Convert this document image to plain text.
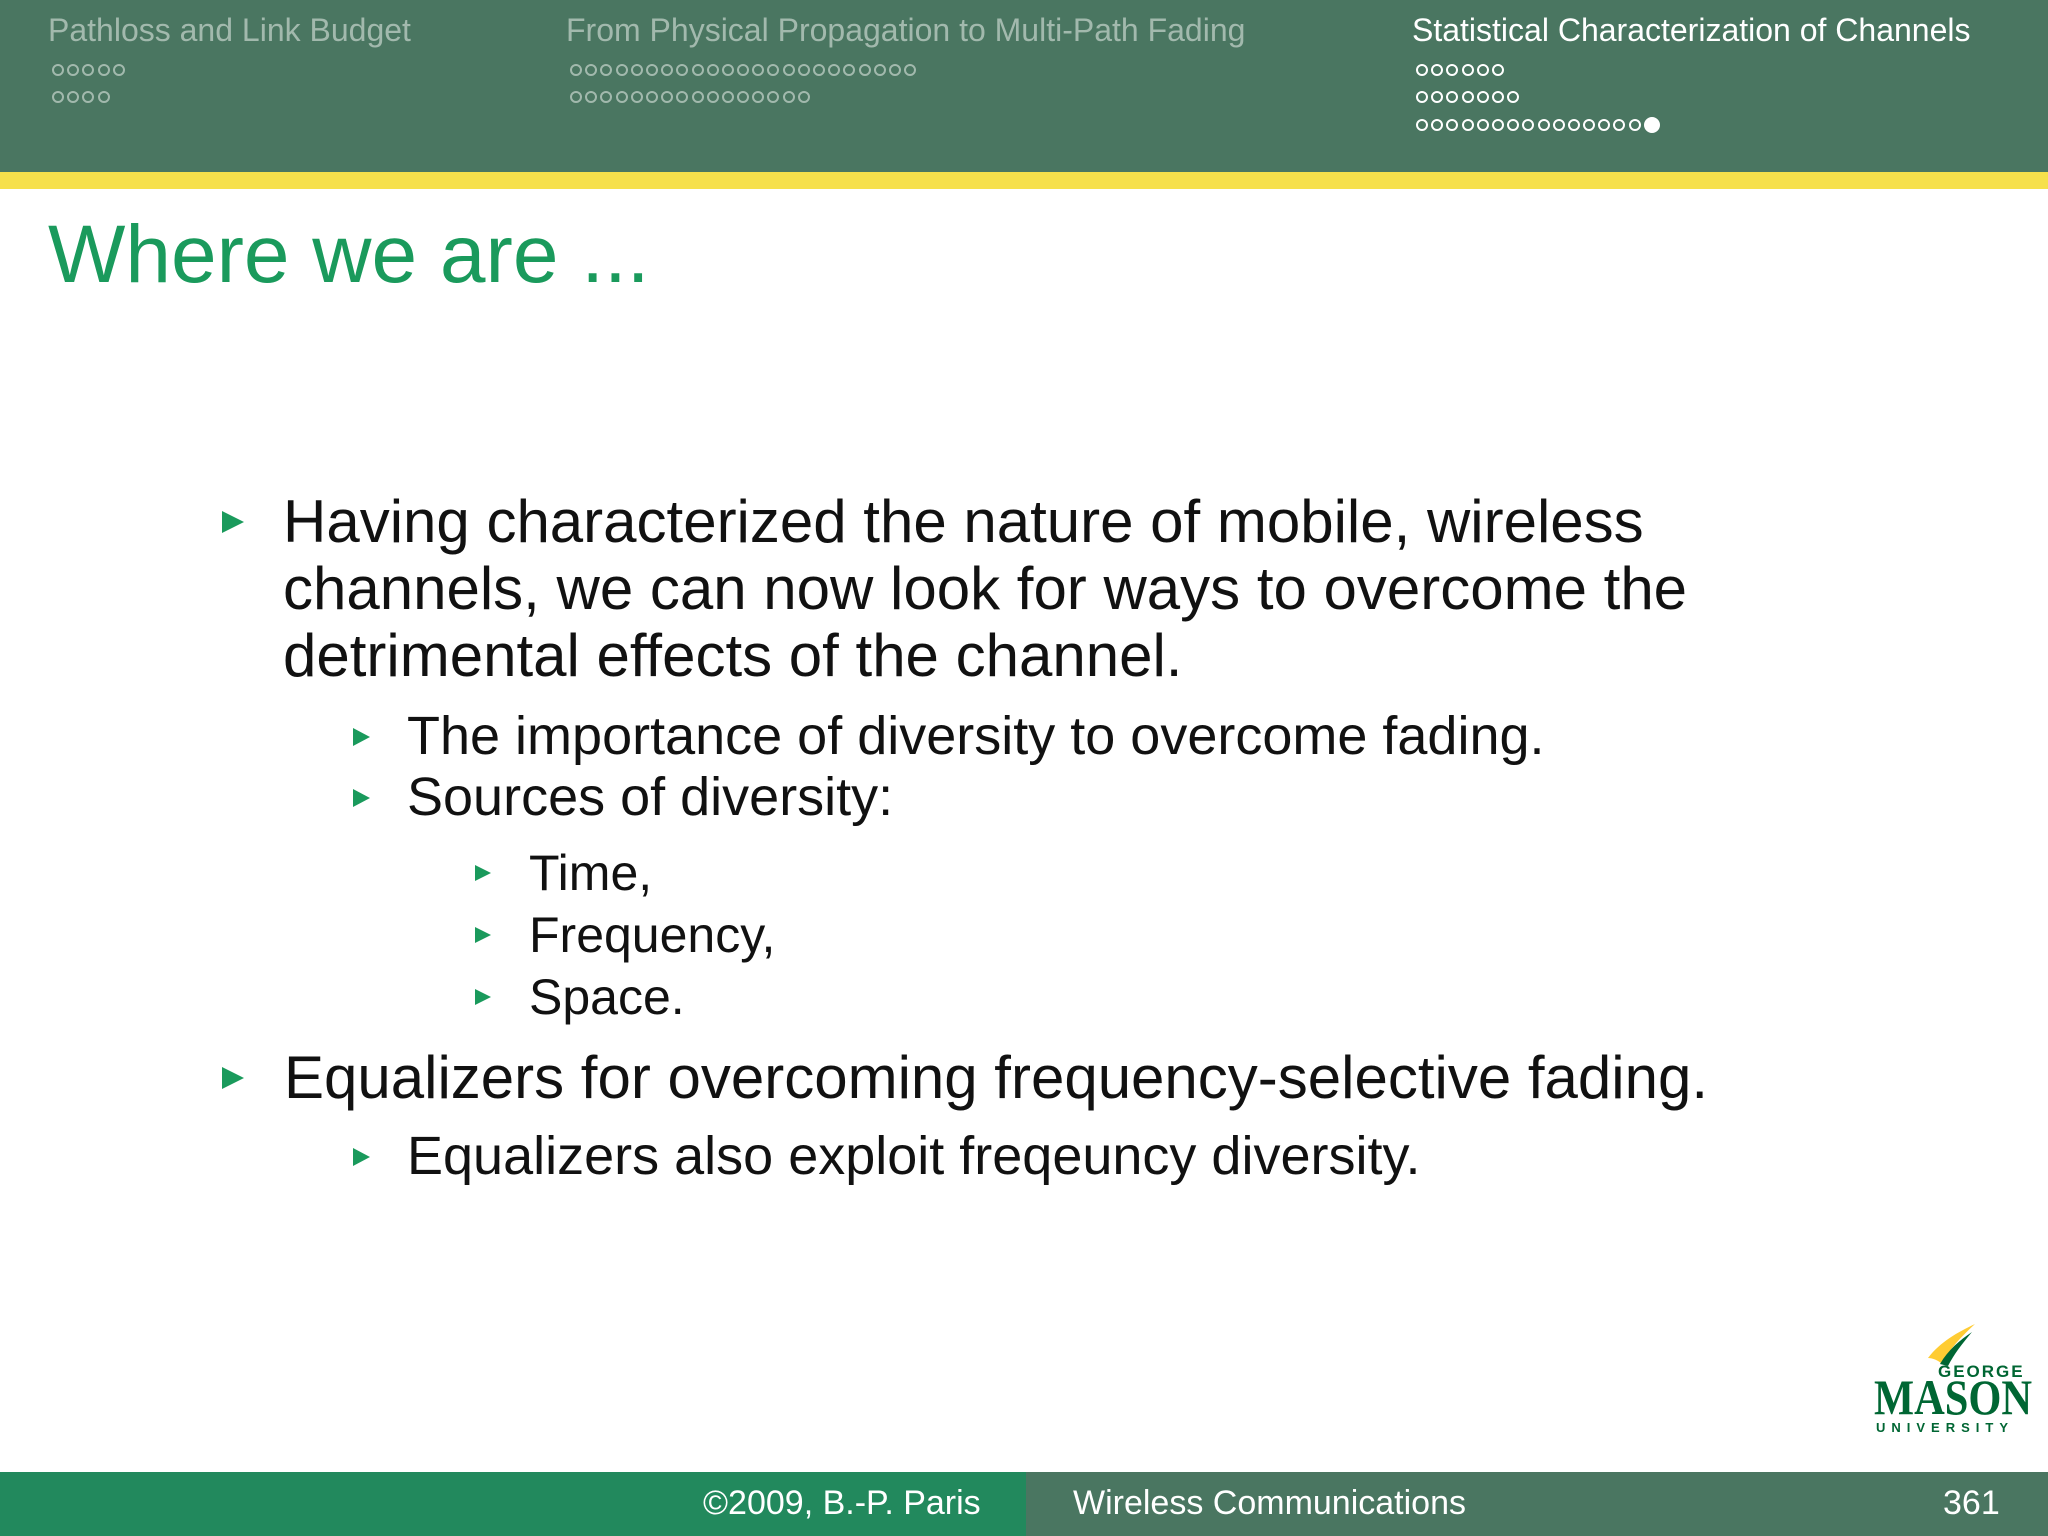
Pathloss and Link Budget	From Physical Propagation to Multi-Path Fading	Statistical Characterization of Channels
Where we are ...
Having characterized the nature of mobile, wireless
channels, we can now look for ways to overcome the
detrimental effects of the channel.
The importance of diversity to overcome fading.
Sources of diversity:
Time,
Frequency,
Space.
Equalizers for overcoming frequency-selective fading.
Equalizers also exploit freqeuncy diversity.
GEORGE
MASON
UNIVERSITY
©2009, B.-P. Paris	Wireless Communications	361
